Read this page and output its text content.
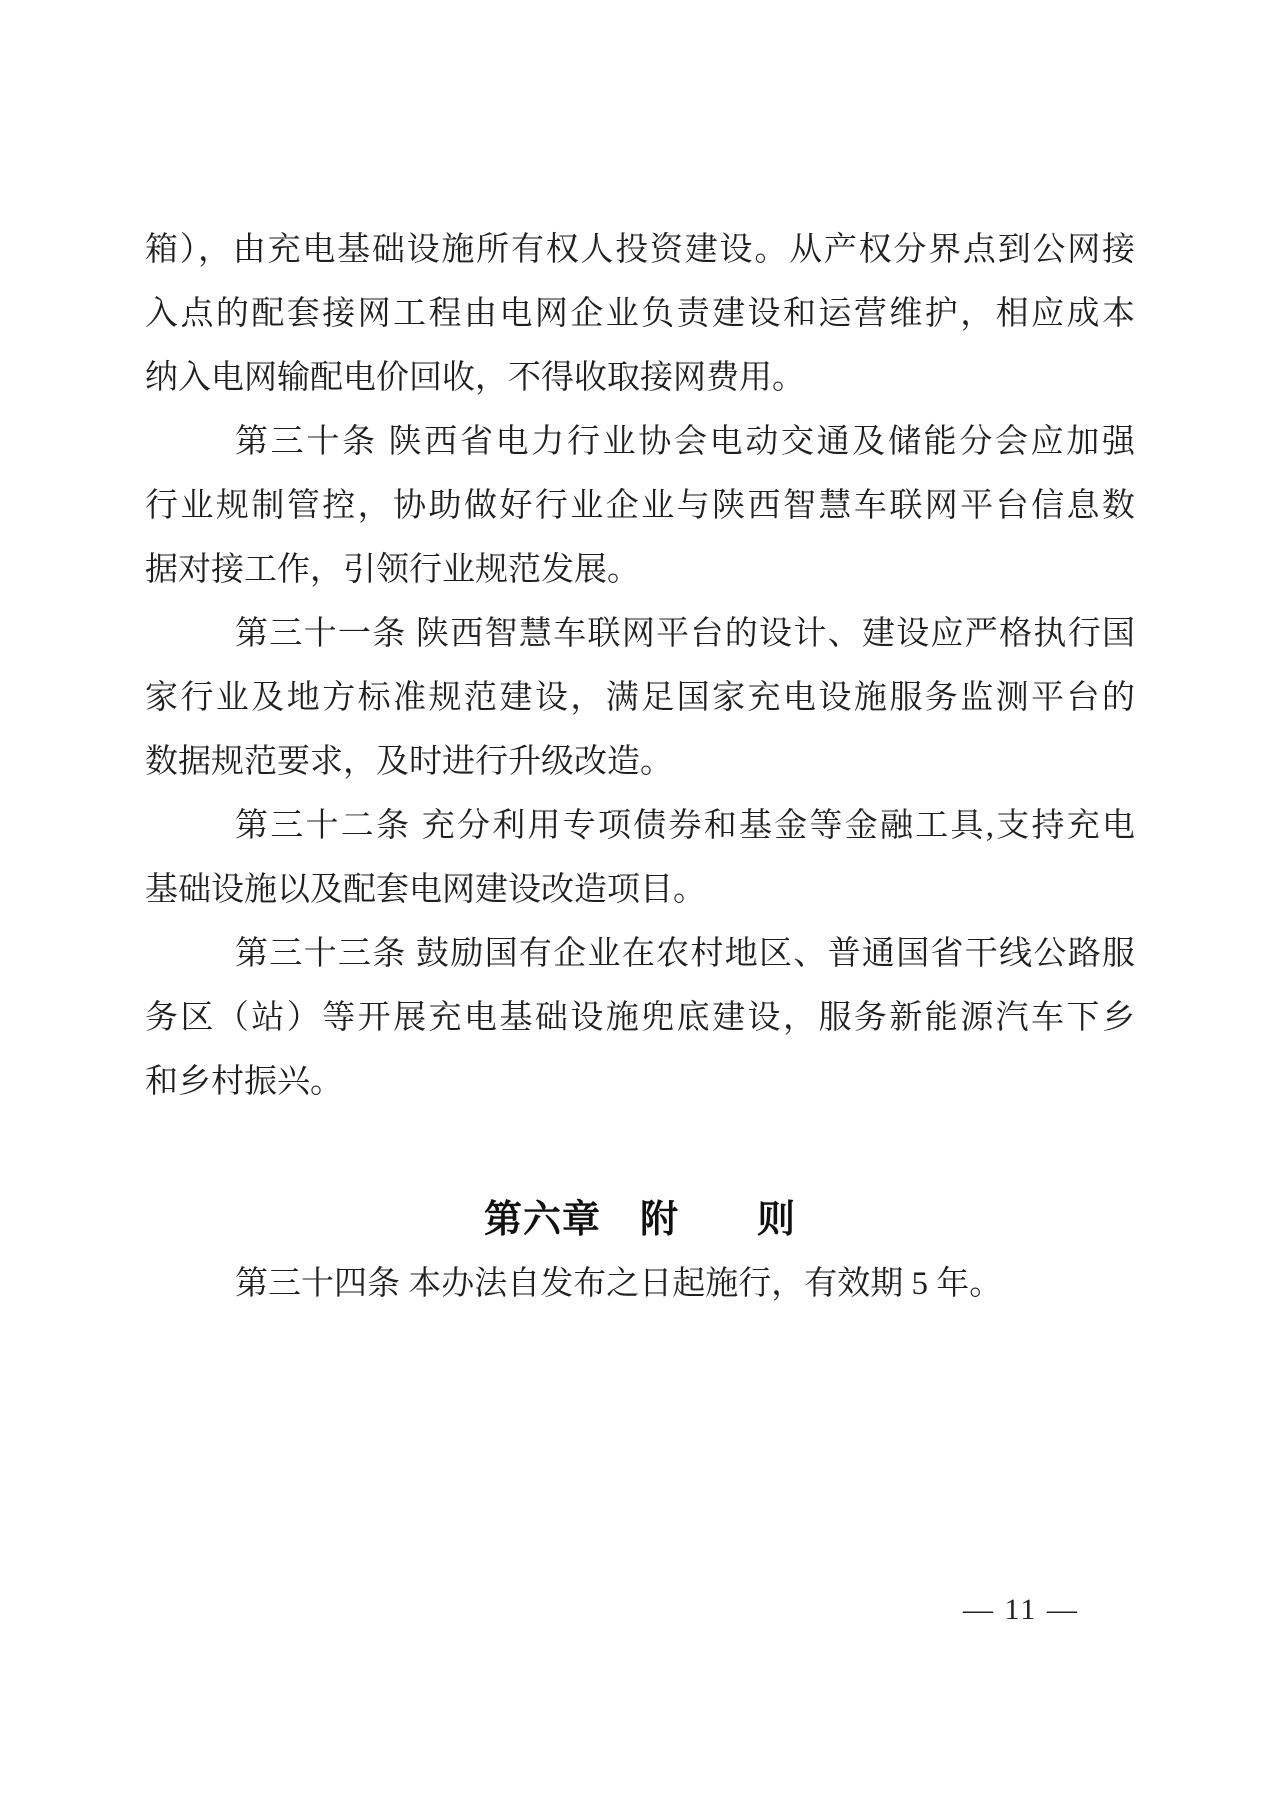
箱），由充电基础设施所有权人投资建设。从产权分界点到公网接
入点的配套接网工程由电网企业负责建设和运营维护，相应成本
纳入电网输配电价回收，不得收取接网费用。
第三十条 陕西省电力行业协会电动交通及储能分会应加强
行业规制管控，协助做好行业企业与陕西智慧车联网平台信息数
据对接工作，引领行业规范发展。
第三十一条 陕西智慧车联网平台的设计、建设应严格执行国
家行业及地方标准规范建设，满足国家充电设施服务监测平台的
数据规范要求，及时进行升级改造。
第三十二条 充分利用专项债券和基金等金融工具,支持充电
基础设施以及配套电网建设改造项目。
第三十三条 鼓励国有企业在农村地区、普通国省干线公路服
务区（站）等开展充电基础设施兜底建设，服务新能源汽车下乡
和乡村振兴。
第六章　附　　则
第三十四条 本办法自发布之日起施行，有效期 5 年。
— 11 —
